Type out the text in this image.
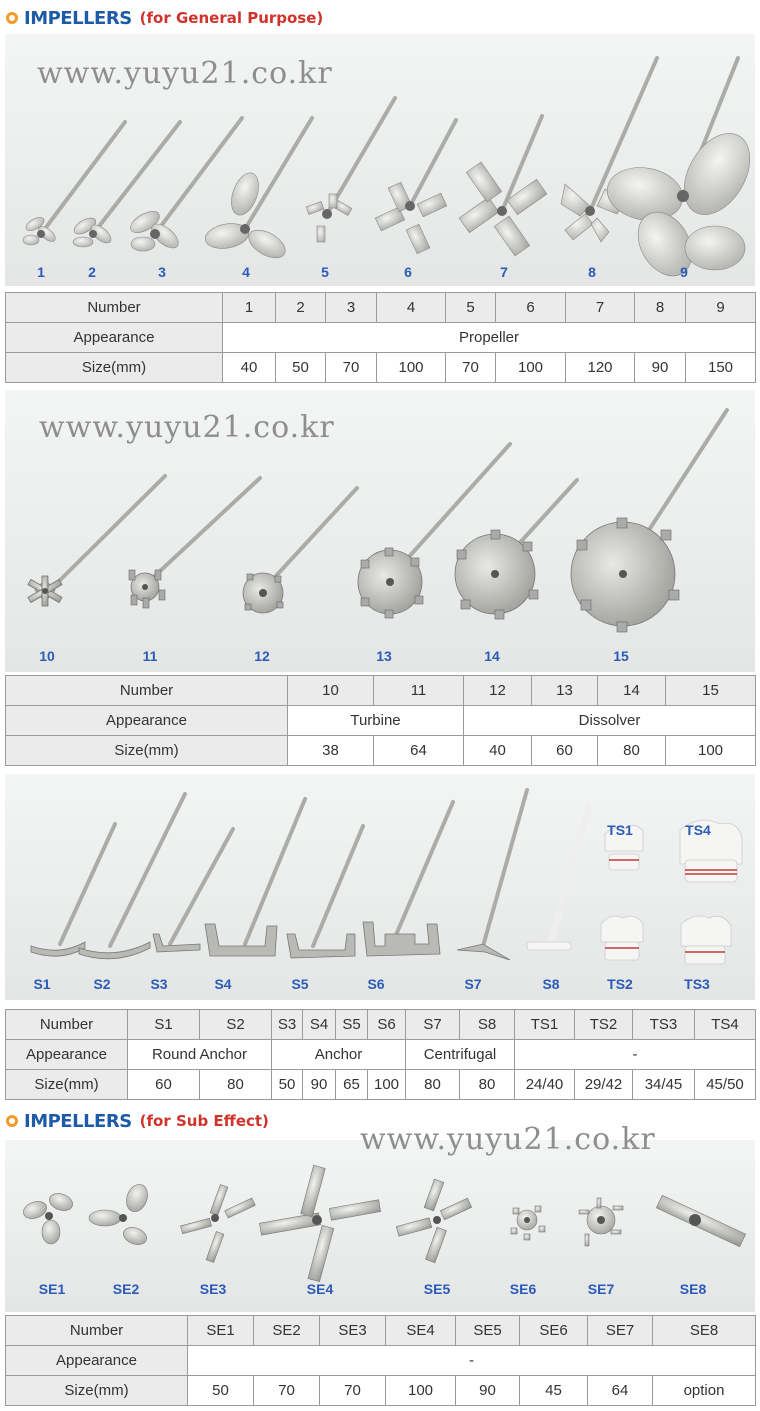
IMPELLERS (for General Purpose)
www.yuyu21.co.kr
1	2	3	4	5	6	7	8	9
Number	1	2	3	4	5	6	7	8	9
Appearance	Propeller								
Size(mm)	40	50	70	100	70	100	120	90	150
www.yuyu21.co.kr
10	11	12	13	14	15
Number	10	11	12	13	14	15
Appearance	Turbine		Dissolver			
Size(mm)	38	64	40	60	80	100
S1	S2	S3	S4	S5	S6	S7	S8
TS1	TS4
TS2	TS3
Number	S1	S2	S3	S4	S5	S6	S7	S8	TS1	TS2	TS3	TS4
Appearance	Round Anchor		Anchor				Centrifugal		-			
Size(mm)	60	80	50	90	65	100	80	80	24/40	29/42	34/45	45/50
IMPELLERS (for Sub Effect)
SE1	SE2	SE3	SE4	SE5	SE6	SE7	SE8
www.yuyu21.co.kr
Number	SE1	SE2	SE3	SE4	SE5	SE6	SE7	SE8
Appearance	-							
Size(mm)	50	70	70	100	90	45	64	option
